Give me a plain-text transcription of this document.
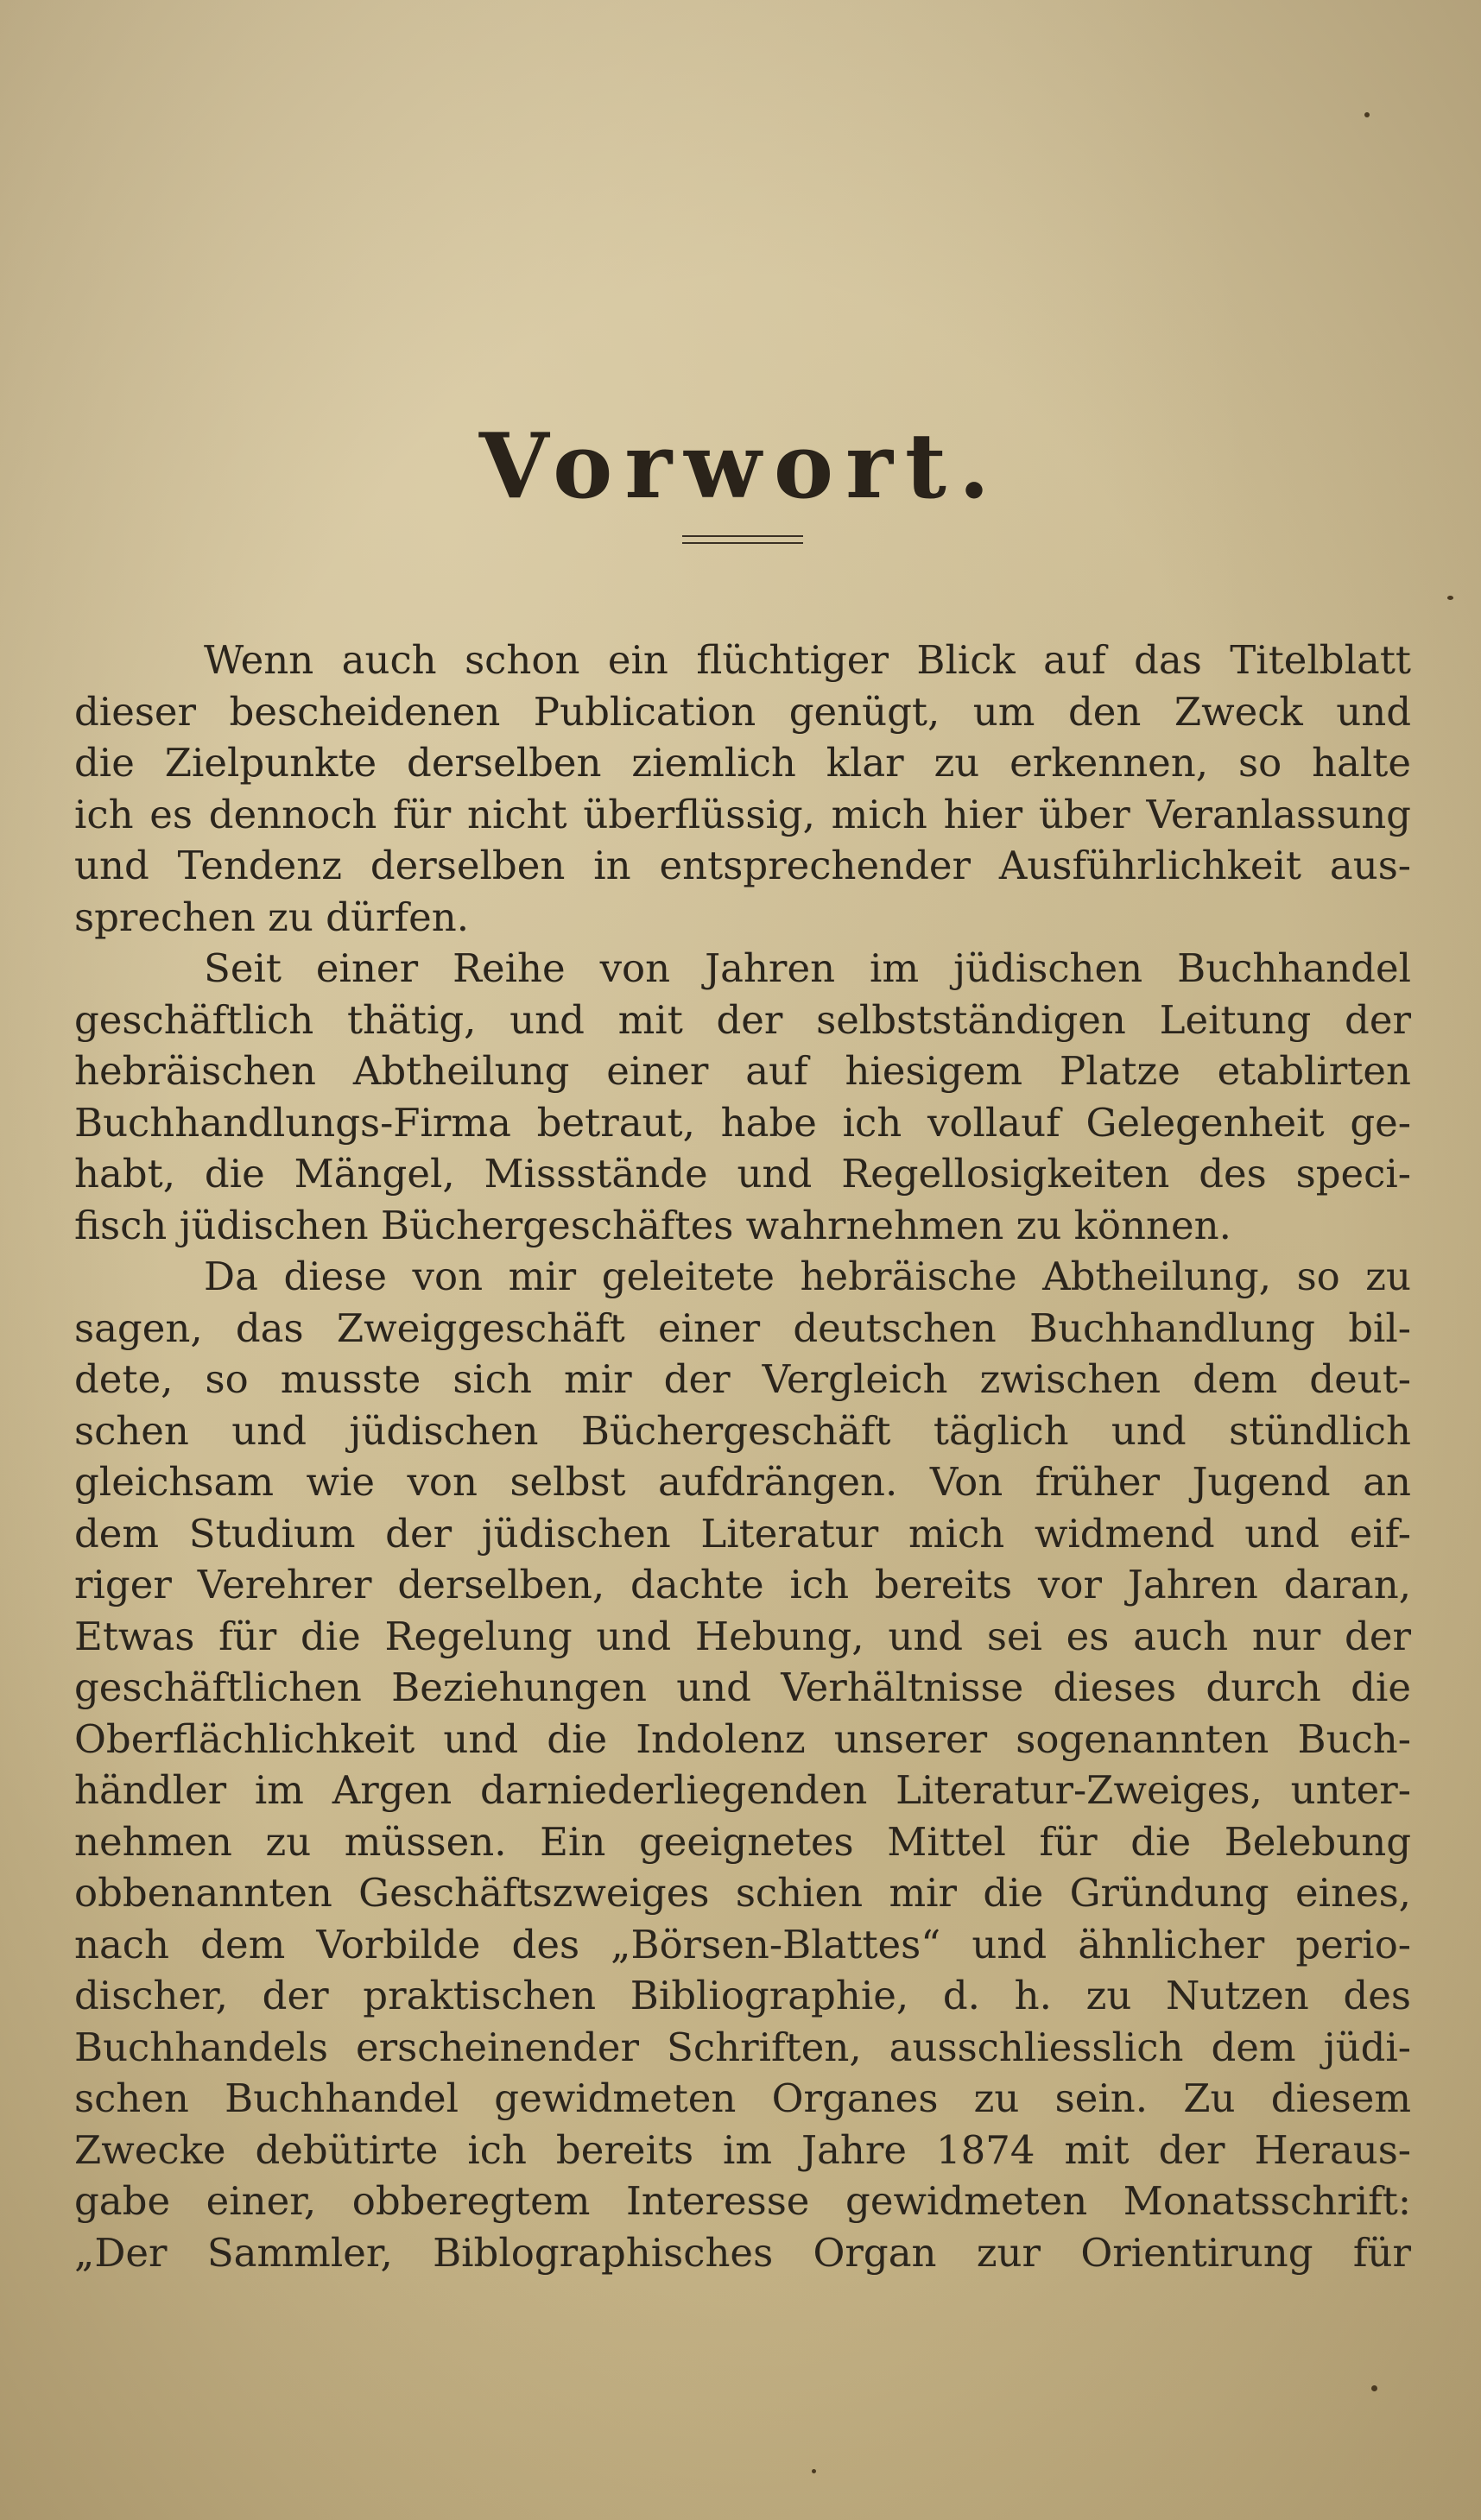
Vorwort.
Wenn auch schon ein flüchtiger Blick auf das Titelblatt
dieser bescheidenen Publication genügt, um den Zweck und
die Zielpunkte derselben ziemlich klar zu erkennen, so halte
ich es dennoch für nicht überflüssig, mich hier über Veranlassung
und Tendenz derselben in entsprechender Ausführlichkeit aus-
sprechen zu dürfen.
Seit einer Reihe von Jahren im jüdischen Buchhandel
geschäftlich thätig, und mit der selbstständigen Leitung der
hebräischen Abtheilung einer auf hiesigem Platze etablirten
Buchhandlungs-Firma betraut, habe ich vollauf Gelegenheit ge-
habt, die Mängel, Missstände und Regellosigkeiten des speci-
fisch jüdischen Büchergeschäftes wahrnehmen zu können.
Da diese von mir geleitete hebräische Abtheilung, so zu
sagen, das Zweiggeschäft einer deutschen Buchhandlung bil-
dete, so musste sich mir der Vergleich zwischen dem deut-
schen und jüdischen Büchergeschäft täglich und stündlich
gleichsam wie von selbst aufdrängen. Von früher Jugend an
dem Studium der jüdischen Literatur mich widmend und eif-
riger Verehrer derselben, dachte ich bereits vor Jahren daran,
Etwas für die Regelung und Hebung, und sei es auch nur der
geschäftlichen Beziehungen und Verhältnisse dieses durch die
Oberflächlichkeit und die Indolenz unserer sogenannten Buch-
händler im Argen darniederliegenden Literatur-Zweiges, unter-
nehmen zu müssen. Ein geeignetes Mittel für die Belebung
obbenannten Geschäftszweiges schien mir die Gründung eines,
nach dem Vorbilde des „Börsen-Blattes“ und ähnlicher perio-
discher, der praktischen Bibliographie, d. h. zu Nutzen des
Buchhandels erscheinender Schriften, ausschliesslich dem jüdi-
schen Buchhandel gewidmeten Organes zu sein. Zu diesem
Zwecke debütirte ich bereits im Jahre 1874 mit der Heraus-
gabe einer, obberegtem Interesse gewidmeten Monatsschrift:
„Der Sammler, Biblographisches Organ zur Orientirung für
